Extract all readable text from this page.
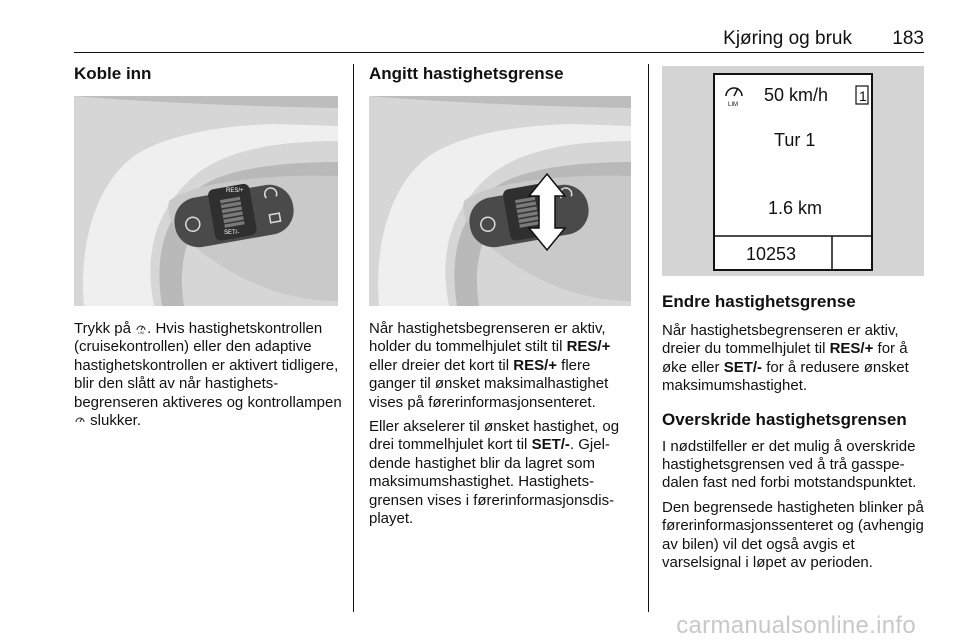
Kjøring og bruk 183
Koble inn
RES/+
SET/-

Trykk på LIM . Hvis hastighetskontrollen (cruisekontrollen) eller den adaptive hastighetskontrollen er aktivert tidligere, blir den slått av når hastighetsbegrenseren aktiveres og kontrollampen  slukker.

Angitt hastighetsgrense

Når hastighetsbegrenseren er aktiv, holder du tommelhjulet stilt til RES/+ eller dreier det kort til RES/+ flere ganger til ønsket maksimalhastighet vises på førerinformasjonsenteret.

Eller akselerer til ønsket hastighet, og drei tommelhjulet kort til SET/-. Gjeldende hastighet blir da lagret som maksimumshastighet. Hastighetsgrensen vises i førerinformasjonsdisplayet.

LIM 50 km/h 1
Tur 1
1.6 km
10253
Endre hastighetsgrense

Når hastighetsbegrenseren er aktiv, dreier du tommelhjulet til RES/+ for å øke eller SET/- for å redusere ønsket maksimumshastighet.

Overskride hastighetsgrensen

I nødstilfeller er det mulig å overskride hastighetsgrensen ved å trå gasspedalen fast ned forbi motstandspunktet.

Den begrensede hastigheten blinker på førerinformasjonssenteret og (avhengig av bilen) vil det også avgis et varselsignal i løpet av perioden.

carmanualsonline.info
